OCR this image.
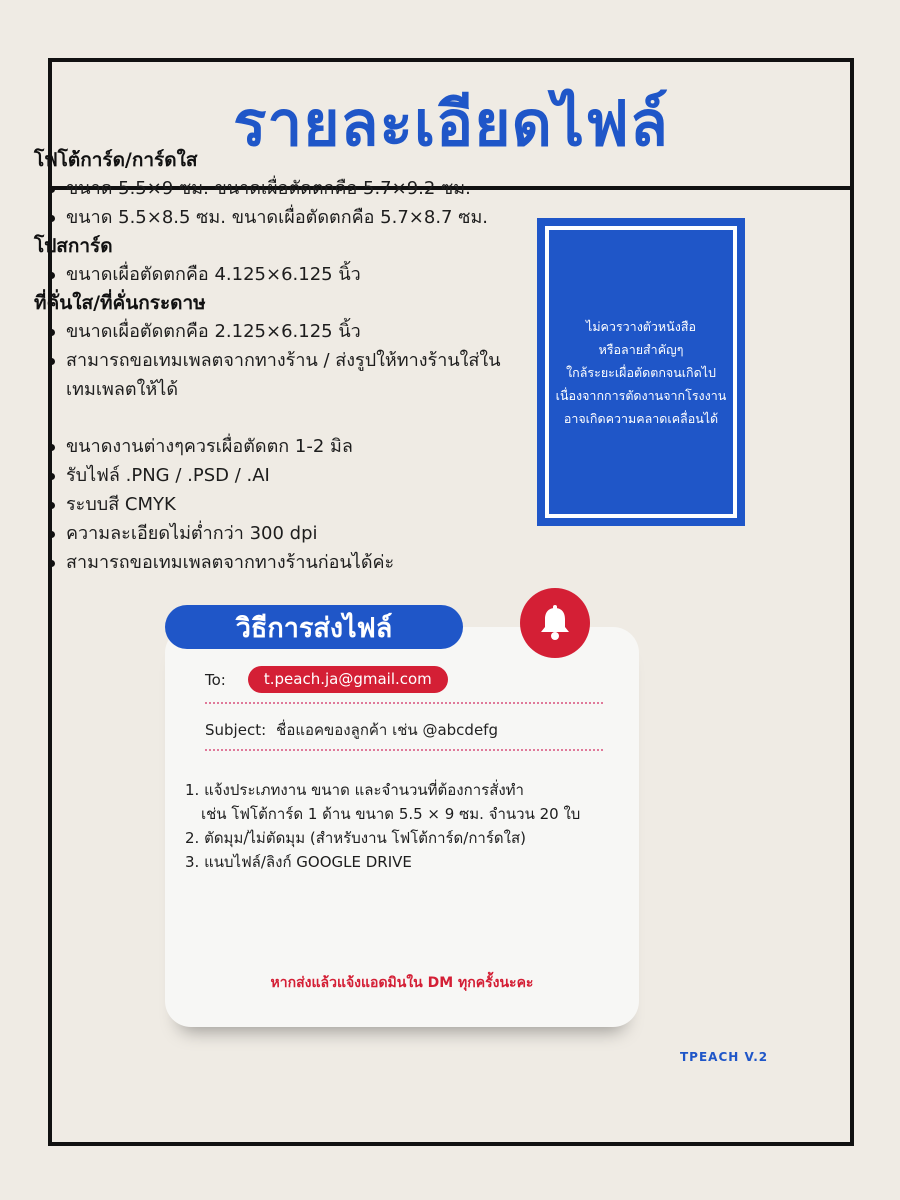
รายละเอียดไฟล์
โฟโต้การ์ด/การ์ดใส
ขนาด 5.5×9 ซม. ขนาดเผื่อตัดตกคือ 5.7×9.2 ซม.
ขนาด 5.5×8.5 ซม. ขนาดเผื่อตัดตกคือ 5.7×8.7 ซม.
โปสการ์ด
ขนาดเผื่อตัดตกคือ 4.125×6.125 นิ้ว
ที่คั่นใส/ที่คั่นกระดาษ
ขนาดเผื่อตัดตกคือ 2.125×6.125 นิ้ว
สามารถขอเทมเพลตจากทางร้าน / ส่งรูปให้ทางร้านใส่ในเทมเพลตให้ได้
ขนาดงานต่างๆควรเผื่อตัดตก 1-2 มิล
รับไฟล์ .PNG / .PSD / .AI
ระบบสี CMYK
ความละเอียดไม่ต่ำกว่า 300 dpi
สามารถขอเทมเพลตจากทางร้านก่อนได้ค่ะ
ไม่ควรวางตัวหนังสือ
หรือลายสำคัญๆ
ใกล้ระยะเผื่อตัดตกจนเกิดไป
เนื่องจากการตัดงานจากโรงงาน
อาจเกิดความคลาดเคลื่อนได้
วิธีการส่งไฟล์
To:	t.peach.ja@gmail.com
Subject: ชื่อแอคของลูกค้า เช่น @abcdefg
1. แจ้งประเภทงาน ขนาด และจำนวนที่ต้องการสั่งทำ
เช่น โฟโต้การ์ด 1 ด้าน ขนาด 5.5 × 9 ซม. จำนวน 20 ใบ
2. ตัดมุม/ไม่ตัดมุม (สำหรับงาน โฟโต้การ์ด/การ์ดใส)
3. แนบไฟล์/ลิงก์ GOOGLE DRIVE
หากส่งแล้วแจ้งแอดมินใน DM ทุกครั้งนะคะ
TPEACH V.2
